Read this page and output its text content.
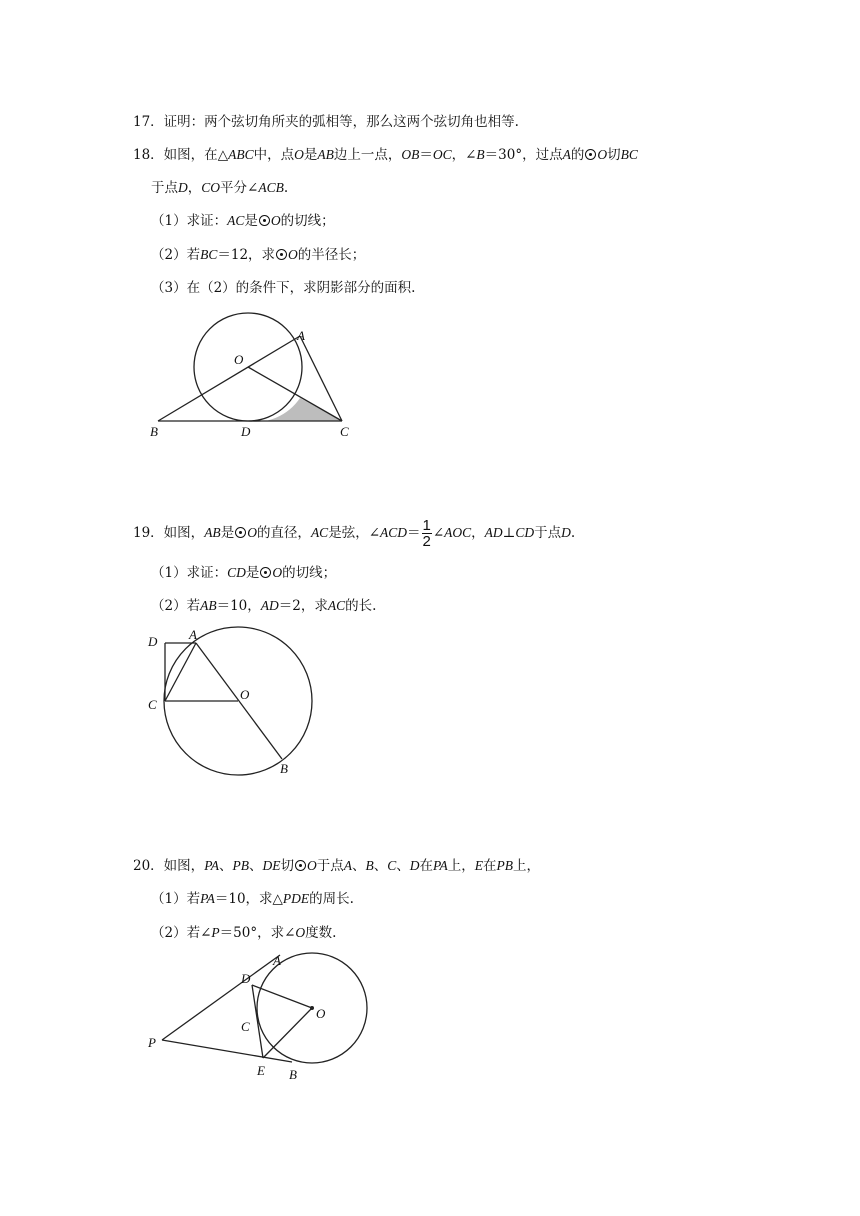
17．证明：两个弦切角所夹的弧相等，那么这两个弦切角也相等.
18．如图，在△ABC中，点O是AB边上一点，OB＝OC，∠B＝30°，过点A的 O切BC
于点D，CO平分∠ACB.
（1）求证：AC是 O的切线；
（2）若BC＝12，求 O的半径长；
（3）在（2）的条件下，求阴影部分的面积.
A
O
B	D	C
19．如图，AB是 O的直径，AC是弦，∠ACD＝ $\frac{1}{2}$ ∠AOC，AD⊥CD于点D.
（1）求证：CD是 O的切线；
（2）若AB＝10，AD＝2，求AC的长.
D A
C
O
B
20．如图，PA、PB、DE切 O于点A、B、C、D在PA上，E在PB上，
（1）若PA＝10，求△PDE的周长.
（2）若∠P＝50°，求∠O度数.
A
D
O
C
P
E B
